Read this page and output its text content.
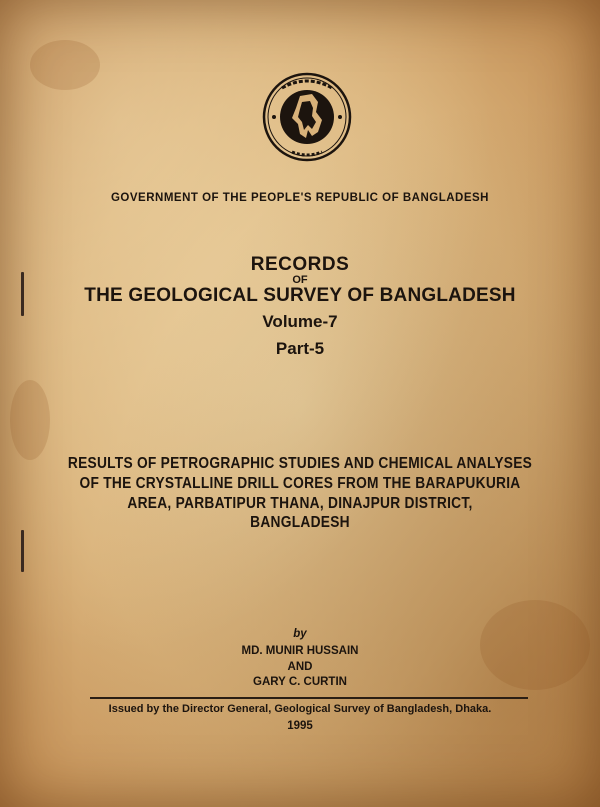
GOVERNMENT OF THE PEOPLE'S REPUBLIC OF BANGLADESH

RECORDS

OF

THE GEOLOGICAL SURVEY OF BANGLADESH

Volume-7

Part-5

RESULTS OF PETROGRAPHIC STUDIES AND CHEMICAL ANALYSES

OF THE CRYSTALLINE DRILL CORES FROM THE BARAPUKURIA

AREA, PARBATIPUR THANA, DINAJPUR DISTRICT,

BANGLADESH

by

MD. MUNIR HUSSAIN

AND

GARY C. CURTIN

Issued by the Director General, Geological Survey of Bangladesh, Dhaka.

1995
